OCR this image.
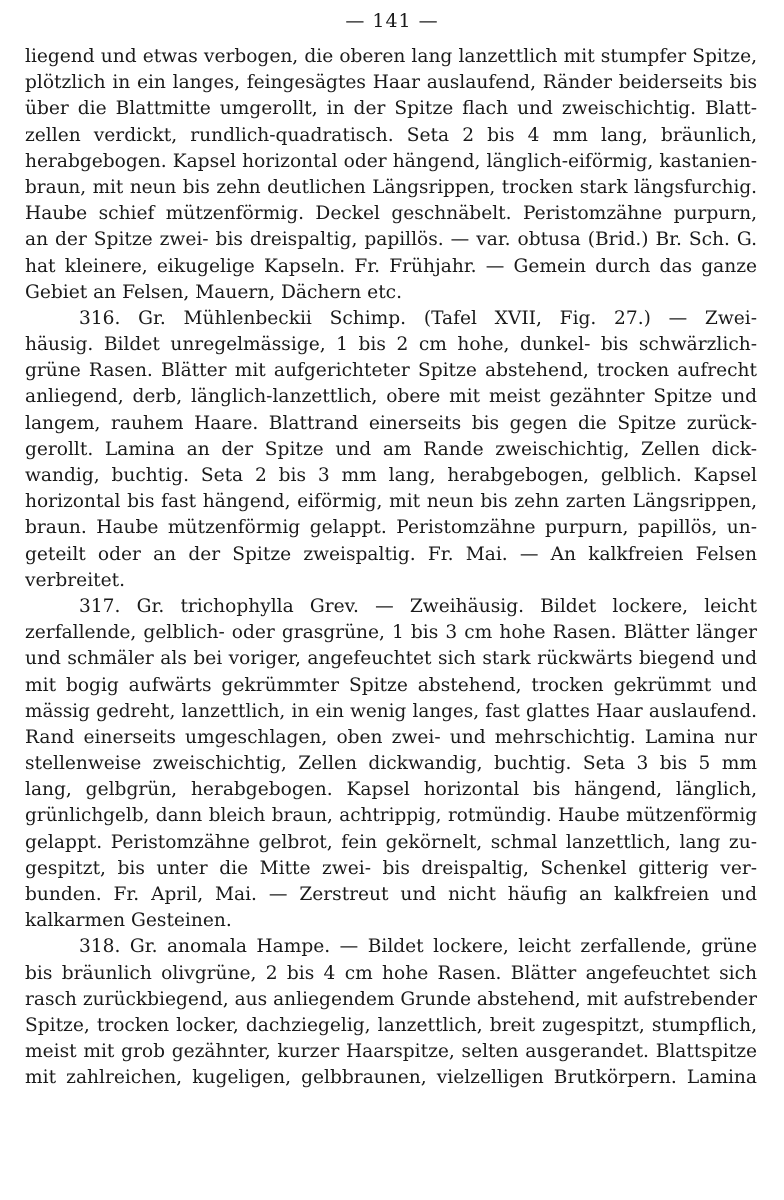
— 141 —
liegend und etwas verbogen, die oberen lang lanzettlich mit stumpfer Spitze,
plötzlich in ein langes, feingesägtes Haar auslaufend, Ränder beiderseits bis
über die Blattmitte umgerollt, in der Spitze flach und zweischichtig. Blatt-
zellen verdickt, rundlich-quadratisch. Seta 2 bis 4 mm lang, bräunlich,
herabgebogen. Kapsel horizontal oder hängend, länglich-eiförmig, kastanien-
braun, mit neun bis zehn deutlichen Längsrippen, trocken stark längsfurchig.
Haube schief mützenförmig. Deckel geschnäbelt. Peristomzähne purpurn,
an der Spitze zwei- bis dreispaltig, papillös. — var. obtusa (Brid.) Br. Sch. G.
hat kleinere, eikugelige Kapseln. Fr. Frühjahr. — Gemein durch das ganze
Gebiet an Felsen, Mauern, Dächern etc.
316. Gr. Mühlenbeckii Schimp. (Tafel XVII, Fig. 27.) — Zwei-
häusig. Bildet unregelmässige, 1 bis 2 cm hohe, dunkel- bis schwärzlich-
grüne Rasen. Blätter mit aufgerichteter Spitze abstehend, trocken aufrecht
anliegend, derb, länglich-lanzettlich, obere mit meist gezähnter Spitze und
langem, rauhem Haare. Blattrand einerseits bis gegen die Spitze zurück-
gerollt. Lamina an der Spitze und am Rande zweischichtig, Zellen dick-
wandig, buchtig. Seta 2 bis 3 mm lang, herabgebogen, gelblich. Kapsel
horizontal bis fast hängend, eiförmig, mit neun bis zehn zarten Längsrippen,
braun. Haube mützenförmig gelappt. Peristomzähne purpurn, papillös, un-
geteilt oder an der Spitze zweispaltig. Fr. Mai. — An kalkfreien Felsen
verbreitet.
317. Gr. trichophylla Grev. — Zweihäusig. Bildet lockere, leicht
zerfallende, gelblich- oder grasgrüne, 1 bis 3 cm hohe Rasen. Blätter länger
und schmäler als bei voriger, angefeuchtet sich stark rückwärts biegend und
mit bogig aufwärts gekrümmter Spitze abstehend, trocken gekrümmt und
mässig gedreht, lanzettlich, in ein wenig langes, fast glattes Haar auslaufend.
Rand einerseits umgeschlagen, oben zwei- und mehrschichtig. Lamina nur
stellenweise zweischichtig, Zellen dickwandig, buchtig. Seta 3 bis 5 mm
lang, gelbgrün, herabgebogen. Kapsel horizontal bis hängend, länglich,
grünlichgelb, dann bleich braun, achtrippig, rotmündig. Haube mützenförmig
gelappt. Peristomzähne gelbrot, fein gekörnelt, schmal lanzettlich, lang zu-
gespitzt, bis unter die Mitte zwei- bis dreispaltig, Schenkel gitterig ver-
bunden. Fr. April, Mai. — Zerstreut und nicht häufig an kalkfreien und
kalkarmen Gesteinen.
318. Gr. anomala Hampe. — Bildet lockere, leicht zerfallende, grüne
bis bräunlich olivgrüne, 2 bis 4 cm hohe Rasen. Blätter angefeuchtet sich
rasch zurückbiegend, aus anliegendem Grunde abstehend, mit aufstrebender
Spitze, trocken locker, dachziegelig, lanzettlich, breit zugespitzt, stumpflich,
meist mit grob gezähnter, kurzer Haarspitze, selten ausgerandet. Blattspitze
mit zahlreichen, kugeligen, gelbbraunen, vielzelligen Brutkörpern. Lamina
